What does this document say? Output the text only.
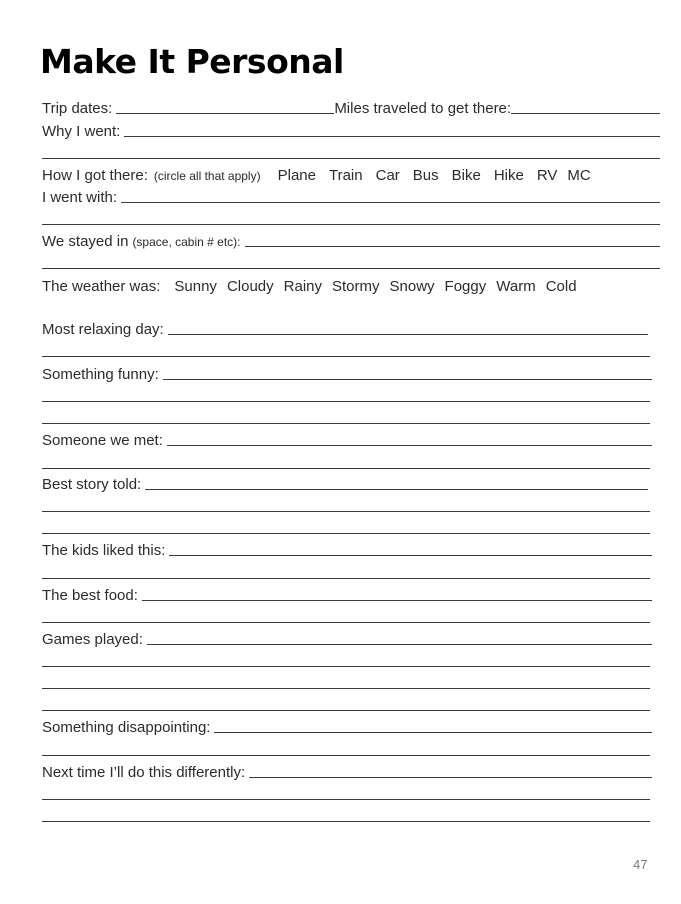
Make It Personal
Trip dates:	Miles traveled to get there:
Why I went:
How I got there: (circle all that apply) Plane Train Car Bus Bike Hike RV MC
I went with:
We stayed in (space, cabin # etc):
The weather was: Sunny Cloudy Rainy Stormy Snowy Foggy Warm Cold
Most relaxing day:
Something funny:
Someone we met:
Best story told:
The kids liked this:
The best food:
Games played:
Something disappointing:
Next time I’ll do this differently:
47
